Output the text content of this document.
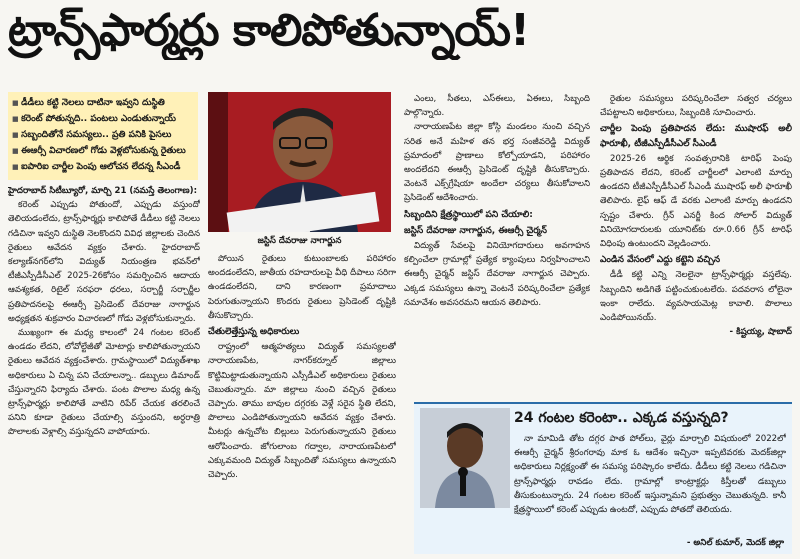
ట్రాన్స్‌ఫార్మర్లు కాలిపోతున్నాయ్!
■ డీడీలు కట్టి నెలలు దాటినా ఇవ్వని దుస్థితి
■ కరెంట్ పోతున్నది.. పంటలు ఎండుతున్నాయ్
■ సబ్బందితోనే సమస్యలు.. ప్రతి పనికి పైసలు
■ ఈఆర్సీ విచారణలో గోడు వెళ్లబోసుకున్న రైతులు
■ ఐపారిఐ చార్జీల పెంపు ఆలోచన లేదన్న సీఎండీ

హైదరాబాద్ సిటీబ్యూరో, మార్చి 21 (నమస్తే తెలంగాణ):

కరెంట్ ఎప్పుడు పోతుందో, ఎప్పుడు వస్తుందో తెలియడంలేదు, ట్రాన్స్‌ఫార్మర్లు కాలిపోతే డీడీలు కట్టి నెలలు గడిచినా ఇవ్వని దుస్థితి నెలకొందని వివిధ జిల్లాలకు చెందిన రైతులు ఆవేదన వ్యక్తం చేశారు. హైదరాబాద్ కల్యాణ్‌నగర్‌లోని విద్యుత్ నియంత్రణ భవన్‌లో టీజీఎస్పీడీసీఎల్ 2025-26కోసం సమర్పించిన ఆదాయ ఆవశ్యకత, రిటైల్ సరఫరా ధరలు, సర్చార్జీ సర్చార్జీల ప్రతిపాదనలపై ఈఆర్సీ ప్రెసిడెంట్ దేవరాజు నాగార్జున అధ్యక్షతన శుక్రవారం విచారణలో గోడు వెళ్లబోసుకున్నారు.

ముఖ్యంగా ఈ మధ్య కాలంలో 24 గంటల కరెంట్ ఉండడం లేదని, లోవోల్టేజీతో మోటార్లు కాలిపోతున్నాయని రైతులు ఆవేదన వ్యక్తంచేశారు. గ్రామస్థాయిలో విద్యుత్‌శాఖ అధికారులు ఏ చిన్న పని చేయాలన్నా.. డబ్బులు డిమాండ్ చేస్తున్నారని ఫిర్యాదు చేశారు. పంట పొలాల మధ్య ఉన్న ట్రాన్స్‌ఫార్మర్లు కాలిపోతే వాటిని రిపేర్ చేయక తరలించే పనిని కూడా రైతులు చేయాల్సి వస్తుందని, అర్ధరాత్రి పొలాలకు వెళ్లాల్సి వస్తున్నదని వాపోయారు.

జస్టిస్ దేవరాజు నాగార్జున

పోయిన రైతులు కుటుంబాలకు పరిహారం అందడంలేదని, జాతీయ రహదారులపై వీధి దీపాలు సరిగా ఉండడంలేదని, దాని కారణంగా ప్రమాదాలు పెరుగుతున్నాయని కొందరు రైతులు ప్రెసిడెంట్ దృష్టికి తీసుకొచ్చారు.

చేతులెత్తేస్తున్న అధికారులు

రాష్ట్రంలో ఆత్మహత్యలు విద్యుత్ సమస్యలతో నారాయణపేట, నాగర్‌కర్నూల్ జిల్లాలు కొట్టిమిట్టాడుతున్నాయని ఎస్సీడీఎల్ అధికారులు రైతులు చెబుతున్నారు. మా జిల్లాలు నుంచి వచ్చిన రైతులు చెప్పారు. తాము బావుల దగ్గరకు వెళ్లే సరైన స్థితి లేదని, పొలాలు ఎండిపోతున్నాయని ఆవేదన వ్యక్తం చేశారు. మీటర్లు ఉన్నచోట బిల్లులు పెరుగుతున్నాయని రైతులు ఆరోపించారు. జోగులాంబ గద్వాల, నారాయణపేటలో ఎక్కువమంది విద్యుత్ సిబ్బందితో సమస్యలు ఉన్నాయని చెప్పారు.

ఎంలు, సీతలు, ఎస్‌ఈలు, ఏఈలు, సిబ్బంది పాల్గొన్నారు.

నారాయణపేట జిల్లా కోస్గి మండలం నుంచి వచ్చిన సరిత అనే మహిళ తన భర్త సంజీవరెడ్డి విద్యుత్ ప్రమాదంలో ప్రాణాలు కోల్పోయాడని, పరిహారం అందలేదని ఈఆర్సీ ప్రెసిడెంట్ దృష్టికి తీసుకొచ్చారు. వెంటనే ఎక్స్‌గ్రేషియా అందేలా చర్యలు తీసుకోవాలని ప్రెసిడెంట్ ఆదేశించారు.

సిబ్బందిని క్షేత్రస్థాయిలో పని చేయాలి:
జస్టిస్ దేవరాజు నాగార్జున, ఈఆర్సీ చైర్మన్

విద్యుత్ సేవలపై వినియోగదారులు అవగాహన కల్పించేలా గ్రామాల్లో ప్రత్యేక క్యాంపులు నిర్వహించాలని ఈఆర్సీ చైర్మన్ జస్టిస్ దేవరాజు నాగార్జున చెప్పారు. ఎక్కడ సమస్యలు ఉన్నా వెంటనే పరిష్కరించేలా ప్రత్యేక సమావేశం అవసరమని ఆయన తెలిపారు.

రైతుల సమస్యలు పరిష్కరించేలా సత్వర చర్యలు చేపట్టాలని అధికారులు, సిబ్బందికి సూచించారు.

చార్జీల పెంపు ప్రతిపాదన లేదు: ముషారఫ్ అలీ ఫారూఖీ, టీజీఎస్పీడీసీఎల్ సీఎండీ

2025-26 ఆర్థిక సంవత్సరానికి టారిఫ్ పెంపు ప్రతిపాదన లేదని, కరెంట్ చార్జీలలో ఎలాంటి మార్పు ఉండదని టీజీఎస్పీడీసీఎల్ సీఎండీ ముషారఫ్ అలీ ఫారూఖీ తెలిపారు. లైఫ్ ఆఫ్ డే వరకు ఎలాంటి మార్పు ఉండదని స్పష్టం చేశారు. గ్రీన్ ఎనర్జీ కింద సోలార్ విద్యుత్ వినియోగదారులకు యూనిట్‌కు రూ.0.66 గ్రీన్ టారిఫ్ విధింపు ఉంటుందని వెల్లడించారు.

ఎండిన వేసంలో ఎద్దు కట్టెని వచ్చిన

డీడీ కట్టి ఎన్ని నెలలైనా ట్రాన్స్‌ఫార్మర్లు వస్తలేవు. సిబ్బందిని అడిగితే పట్టించుకుంటలేరు. పదవరాస లోలైనా ఇంకా రాలేదు. వ్యవసాయమెట్ల కావాలి. పొలాలు ఎండిపోయినయ్.

- కిష్టయ్య, షాబాద్
24 గంటల కరెంటా.. ఎక్కడ వస్తున్నది?

నా మామిడి తోట దగ్గర పాత పోల్‌లు, వైర్లు మార్చాలి విషయంలో 2022లో ఈఆర్సీ చైర్మన్ శ్రీరంగరావు మాక ఓ ఆదేశం ఇచ్చినా ఇప్పటివరకు మెదక్‌జిల్లా అధికారులు నిర్లక్ష్యంతో ఈ సమస్య పరిష్కారం కాలేదు. డీడీలు కట్టి నెలలు గడిచినా ట్రాన్స్‌ఫార్మర్లు రావడం లేదు. గ్రామాల్లో కాంట్రాక్టర్లు కిస్తీలతో డబ్బులు తీసుకుంటున్నారు. 24 గంటల కరెంట్ ఇస్తున్నామని ప్రభుత్వం చెబుతున్నది. కానీ క్షేత్రస్థాయిలో కరెంట్ ఎప్పుడు ఉంటదో, ఎప్పుడు పోతదో తెలియదు.

- అనిల్ కుమార్, మెదక్ జిల్లా
